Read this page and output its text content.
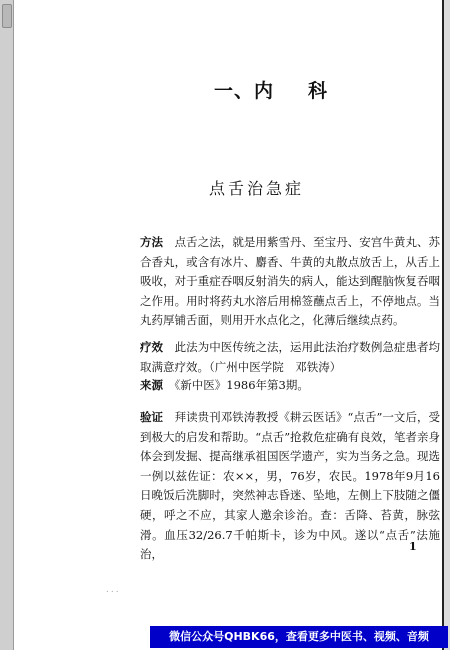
一、内 科
点舌治急症
方法　 点舌之法，就是用紫雪丹、至宝丹、安宫牛黄丸、苏合香丸，或含有冰片、麝香、牛黄的丸散点放舌上，从舌上吸收，对于重症吞咽反射消失的病人，能达到醒脑恢复吞咽之作用。用时将药丸水溶后用棉签蘸点舌上，不停地点。当丸药厚铺舌面，则用开水点化之，化薄后继续点药。
疗效　 此法为中医传统之法，运用此法治疗数例急症患者均取满意疗效。（广州中医学院　邓铁涛）
来源　 《新中医》1986年第3期。
验证　 拜读贵刊邓铁涛教授《耕云医话》“点舌”一文后，受到极大的启发和帮助。“点舌”抢救危症确有良效，笔者亲身体会到发掘、提高继承祖国医学遗产，实为当务之急。现选一例以兹佐证：农××，男，76岁，农民。1978年9月16日晚饭后洗脚时，突然神志昏迷、坠地，左侧上下肢随之僵硬，呼之不应，其家人邀余诊治。查：舌降、苔黄，脉弦滑。血压32/26.7千帕斯卡，诊为中风。遂以“点舌”法施治，
1
...
微信公众号QHBK66，查看更多中医书、视频、音频
